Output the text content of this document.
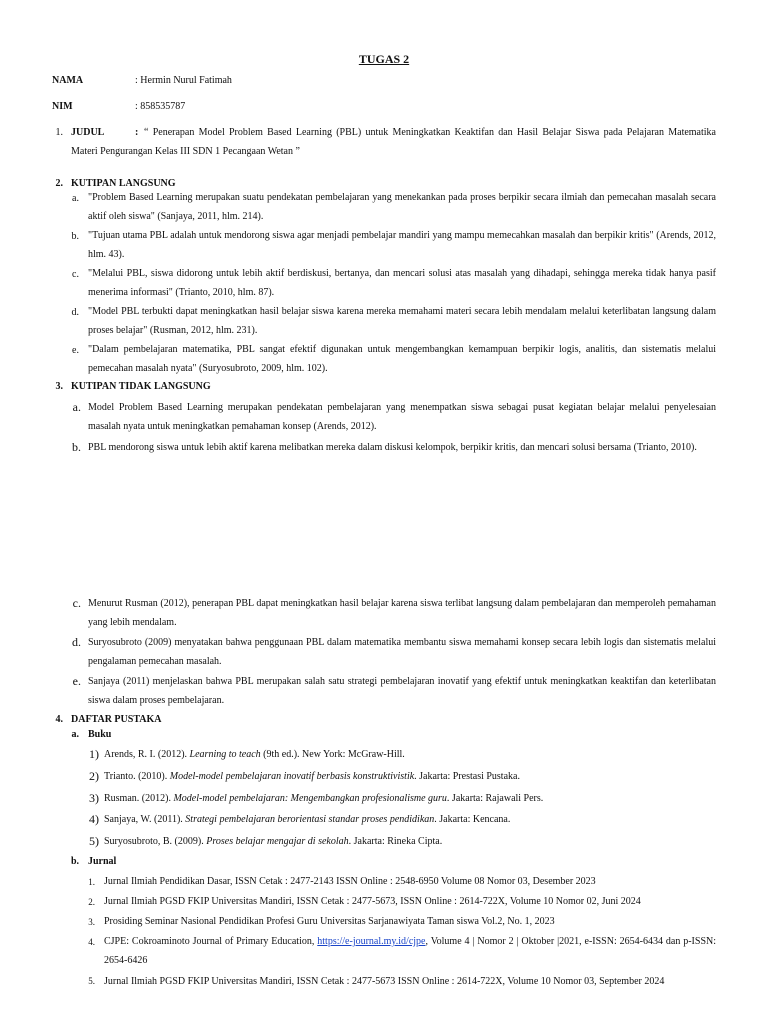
TUGAS 2
NAMA	: Hermin Nurul Fatimah
NIM	: 858535787
1. JUDUL	: “ Penerapan Model Problem Based Learning (PBL) untuk Meningkatkan Keaktifan dan Hasil Belajar Siswa pada Pelajaran Matematika Materi Pengurangan Kelas III SDN 1 Pecangaan Wetan ”
2. KUTIPAN LANGSUNG
a. "Problem Based Learning merupakan suatu pendekatan pembelajaran yang menekankan pada proses berpikir secara ilmiah dan pemecahan masalah secara aktif oleh siswa" (Sanjaya, 2011, hlm. 214).
b. "Tujuan utama PBL adalah untuk mendorong siswa agar menjadi pembelajar mandiri yang mampu memecahkan masalah dan berpikir kritis" (Arends, 2012, hlm. 43).
c. "Melalui PBL, siswa didorong untuk lebih aktif berdiskusi, bertanya, dan mencari solusi atas masalah yang dihadapi, sehingga mereka tidak hanya pasif menerima informasi" (Trianto, 2010, hlm. 87).
d. "Model PBL terbukti dapat meningkatkan hasil belajar siswa karena mereka memahami materi secara lebih mendalam melalui keterlibatan langsung dalam proses belajar" (Rusman, 2012, hlm. 231).
e. "Dalam pembelajaran matematika, PBL sangat efektif digunakan untuk mengembangkan kemampuan berpikir logis, analitis, dan sistematis melalui pemecahan masalah nyata" (Suryosubroto, 2009, hlm. 102).
3. KUTIPAN TIDAK LANGSUNG
a. Model Problem Based Learning merupakan pendekatan pembelajaran yang menempatkan siswa sebagai pusat kegiatan belajar melalui penyelesaian masalah nyata untuk meningkatkan pemahaman konsep (Arends, 2012).
b. PBL mendorong siswa untuk lebih aktif karena melibatkan mereka dalam diskusi kelompok, berpikir kritis, dan mencari solusi bersama (Trianto, 2010).
c. Menurut Rusman (2012), penerapan PBL dapat meningkatkan hasil belajar karena siswa terlibat langsung dalam pembelajaran dan memperoleh pemahaman yang lebih mendalam.
d. Suryosubroto (2009) menyatakan bahwa penggunaan PBL dalam matematika membantu siswa memahami konsep secara lebih logis dan sistematis melalui pengalaman pemecahan masalah.
e. Sanjaya (2011) menjelaskan bahwa PBL merupakan salah satu strategi pembelajaran inovatif yang efektif untuk meningkatkan keaktifan dan keterlibatan siswa dalam proses pembelajaran.
4. DAFTAR PUSTAKA
a. Buku
1) Arends, R. I. (2012). Learning to teach (9th ed.). New York: McGraw-Hill.
2) Trianto. (2010). Model-model pembelajaran inovatif berbasis konstruktivistik. Jakarta: Prestasi Pustaka.
3) Rusman. (2012). Model-model pembelajaran: Mengembangkan profesionalisme guru. Jakarta: Rajawali Pers.
4) Sanjaya, W. (2011). Strategi pembelajaran berorientasi standar proses pendidikan. Jakarta: Kencana.
5) Suryosubroto, B. (2009). Proses belajar mengajar di sekolah. Jakarta: Rineka Cipta.
b. Jurnal
1. Jurnal Ilmiah Pendidikan Dasar, ISSN Cetak : 2477-2143 ISSN Online : 2548-6950 Volume 08 Nomor 03, Desember 2023
2. Jurnal Ilmiah PGSD FKIP Universitas Mandiri, ISSN Cetak : 2477-5673, ISSN Online : 2614-722X, Volume 10 Nomor 02, Juni 2024
3. Prosiding Seminar Nasional Pendidikan Profesi Guru Universitas Sarjanawiyata Taman siswa Vol.2, No. 1, 2023
4. CJPE: Cokroaminoto Journal of Primary Education, https://e-journal.my.id/cjpe, Volume 4 | Nomor 2 | Oktober |2021, e-ISSN: 2654-6434 dan p-ISSN: 2654-6426
5. Jurnal Ilmiah PGSD FKIP Universitas Mandiri, ISSN Cetak : 2477-5673 ISSN Online : 2614-722X, Volume 10 Nomor 03, September 2024
